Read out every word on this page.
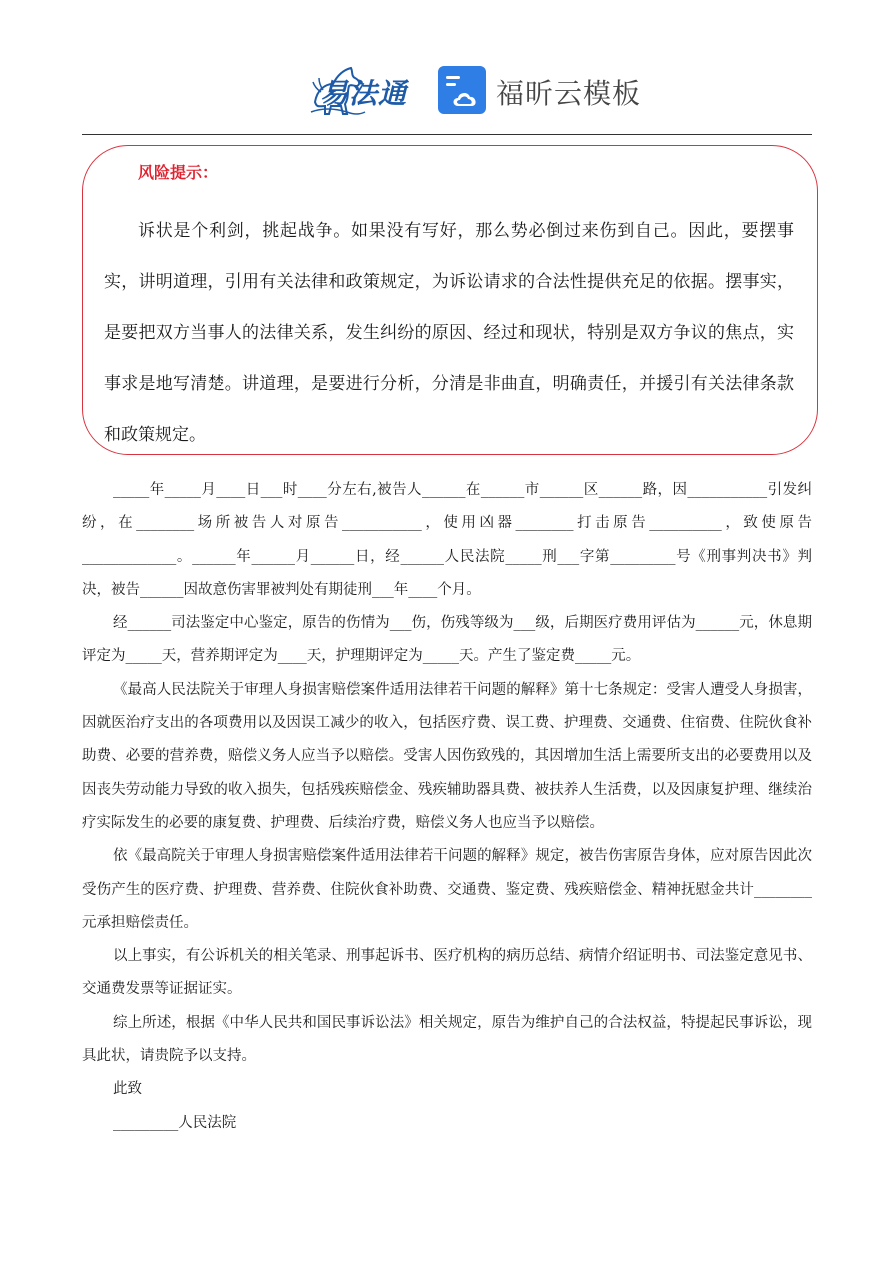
易法通	福昕云模板
风险提示：

诉状是个利剑，挑起战争。如果没有写好，那么势必倒过来伤到自己。因此，要摆事实，讲明道理，引用有关法律和政策规定，为诉讼请求的合法性提供充足的依据。摆事实，是要把双方当事人的法律关系，发生纠纷的原因、经过和现状，特别是双方争议的焦点，实事求是地写清楚。讲道理，是要进行分析，分清是非曲直，明确责任，并援引有关法律条款和政策规定。

_____年_____月____日___时____分左右,被告人______在______市______区______路，因___________引发纠纷，在________场所被告人对原告___________，使用凶器________打击原告__________，致使原告_____________。______年______月______日，经______人民法院_____刑___字第_________号《刑事判决书》判决，被告______因故意伤害罪被判处有期徒刑___年____个月。

经______司法鉴定中心鉴定，原告的伤情为___伤，伤残等级为___级，后期医疗费用评估为______元，休息期评定为_____天，营养期评定为____天，护理期评定为_____天。产生了鉴定费_____元。

《最高人民法院关于审理人身损害赔偿案件适用法律若干问题的解释》第十七条规定：受害人遭受人身损害，因就医治疗支出的各项费用以及因误工减少的收入，包括医疗费、误工费、护理费、交通费、住宿费、住院伙食补助费、必要的营养费，赔偿义务人应当予以赔偿。受害人因伤致残的，其因增加生活上需要所支出的必要费用以及因丧失劳动能力导致的收入损失，包括残疾赔偿金、残疾辅助器具费、被扶养人生活费，以及因康复护理、继续治疗实际发生的必要的康复费、护理费、后续治疗费，赔偿义务人也应当予以赔偿。

依《最高院关于审理人身损害赔偿案件适用法律若干问题的解释》规定，被告伤害原告身体，应对原告因此次受伤产生的医疗费、护理费、营养费、住院伙食补助费、交通费、鉴定费、残疾赔偿金、精神抚慰金共计________元承担赔偿责任。

以上事实，有公诉机关的相关笔录、刑事起诉书、医疗机构的病历总结、病情介绍证明书、司法鉴定意见书、交通费发票等证据证实。

综上所述，根据《中华人民共和国民事诉讼法》相关规定，原告为维护自己的合法权益，特提起民事诉讼，现具此状，请贵院予以支持。

此致

_________人民法院
